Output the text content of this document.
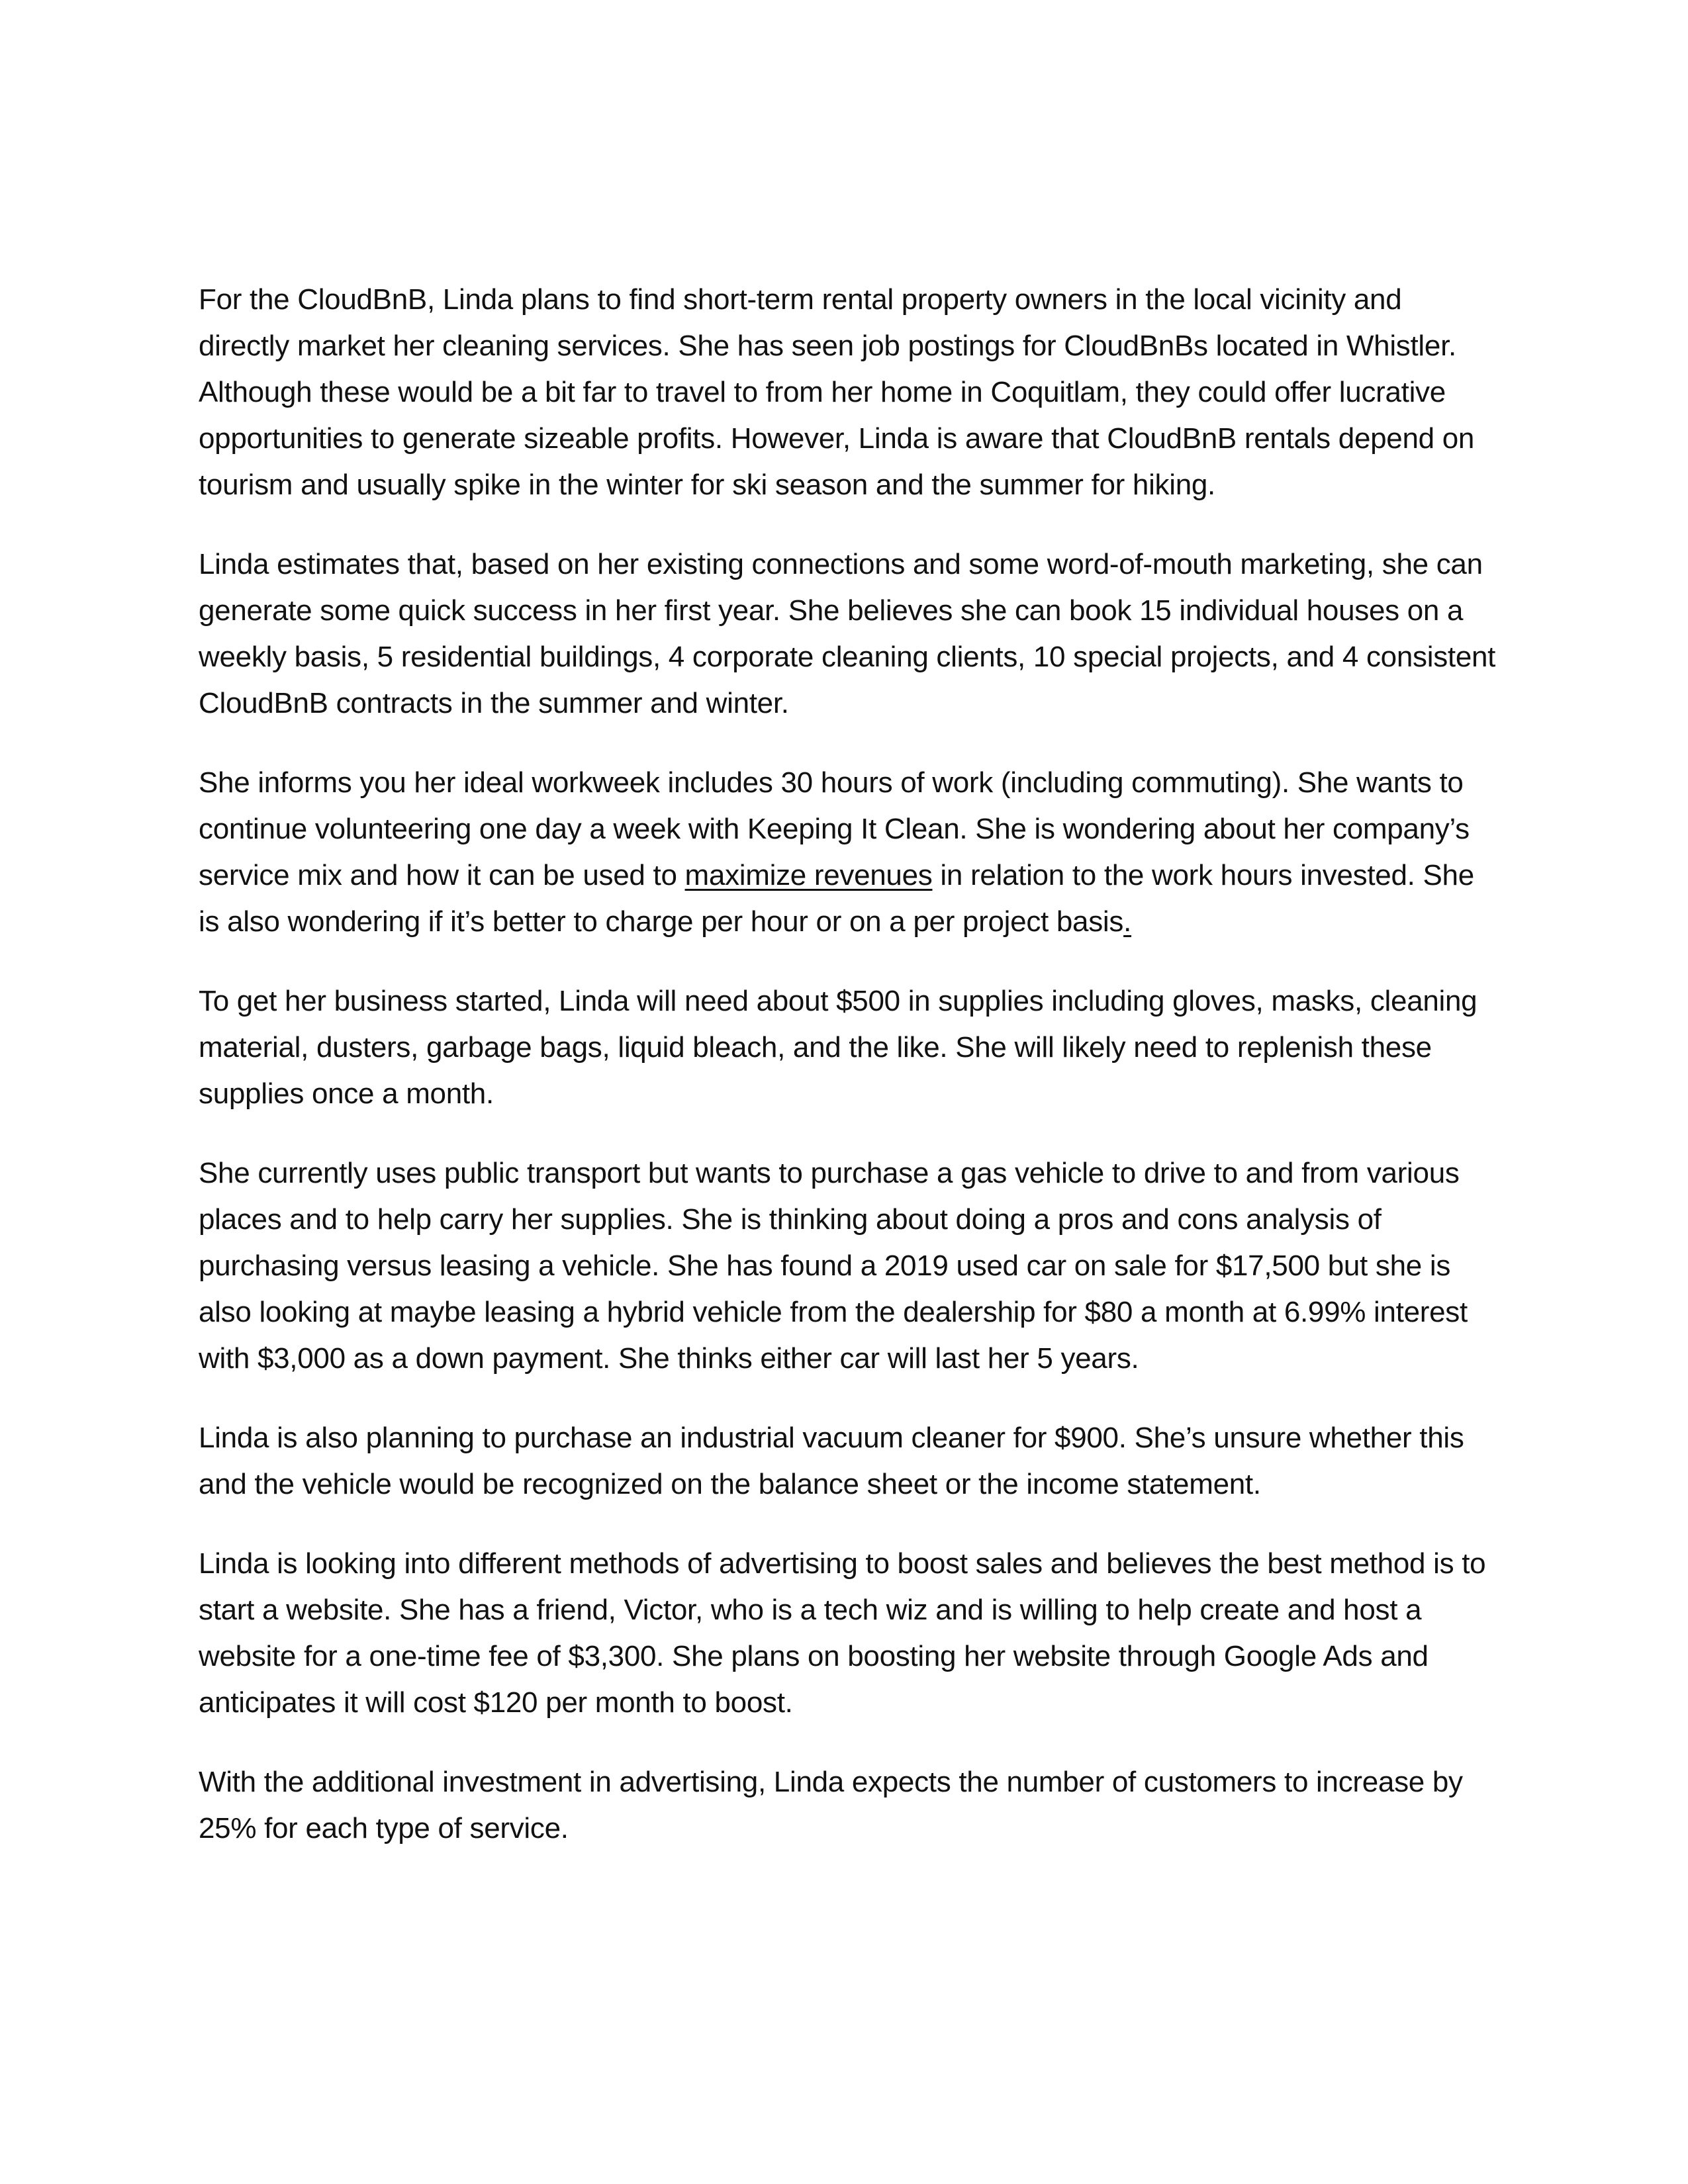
For the CloudBnB, Linda plans to find short-term rental property owners in the local vicinity and directly market her cleaning services. She has seen job postings for CloudBnBs located in Whistler. Although these would be a bit far to travel to from her home in Coquitlam, they could offer lucrative opportunities to generate sizeable profits. However, Linda is aware that CloudBnB rentals depend on tourism and usually spike in the winter for ski season and the summer for hiking.

Linda estimates that, based on her existing connections and some word-of-mouth marketing, she can generate some quick success in her first year. She believes she can book 15 individual houses on a weekly basis, 5 residential buildings, 4 corporate cleaning clients, 10 special projects, and 4 consistent CloudBnB contracts in the summer and winter.

She informs you her ideal workweek includes 30 hours of work (including commuting). She wants to continue volunteering one day a week with Keeping It Clean. She is wondering about her company’s service mix and how it can be used to maximize revenues in relation to the work hours invested. She is also wondering if it’s better to charge per hour or on a per project basis.

To get her business started, Linda will need about $500 in supplies including gloves, masks, cleaning material, dusters, garbage bags, liquid bleach, and the like. She will likely need to replenish these supplies once a month.

She currently uses public transport but wants to purchase a gas vehicle to drive to and from various places and to help carry her supplies. She is thinking about doing a pros and cons analysis of purchasing versus leasing a vehicle. She has found a 2019 used car on sale for $17,500 but she is also looking at maybe leasing a hybrid vehicle from the dealership for $80 a month at 6.99% interest with $3,000 as a down payment. She thinks either car will last her 5 years.

Linda is also planning to purchase an industrial vacuum cleaner for $900. She’s unsure whether this and the vehicle would be recognized on the balance sheet or the income statement.

Linda is looking into different methods of advertising to boost sales and believes the best method is to start a website. She has a friend, Victor, who is a tech wiz and is willing to help create and host a website for a one-time fee of $3,300. She plans on boosting her website through Google Ads and anticipates it will cost $120 per month to boost.

With the additional investment in advertising, Linda expects the number of customers to increase by 25% for each type of service.
